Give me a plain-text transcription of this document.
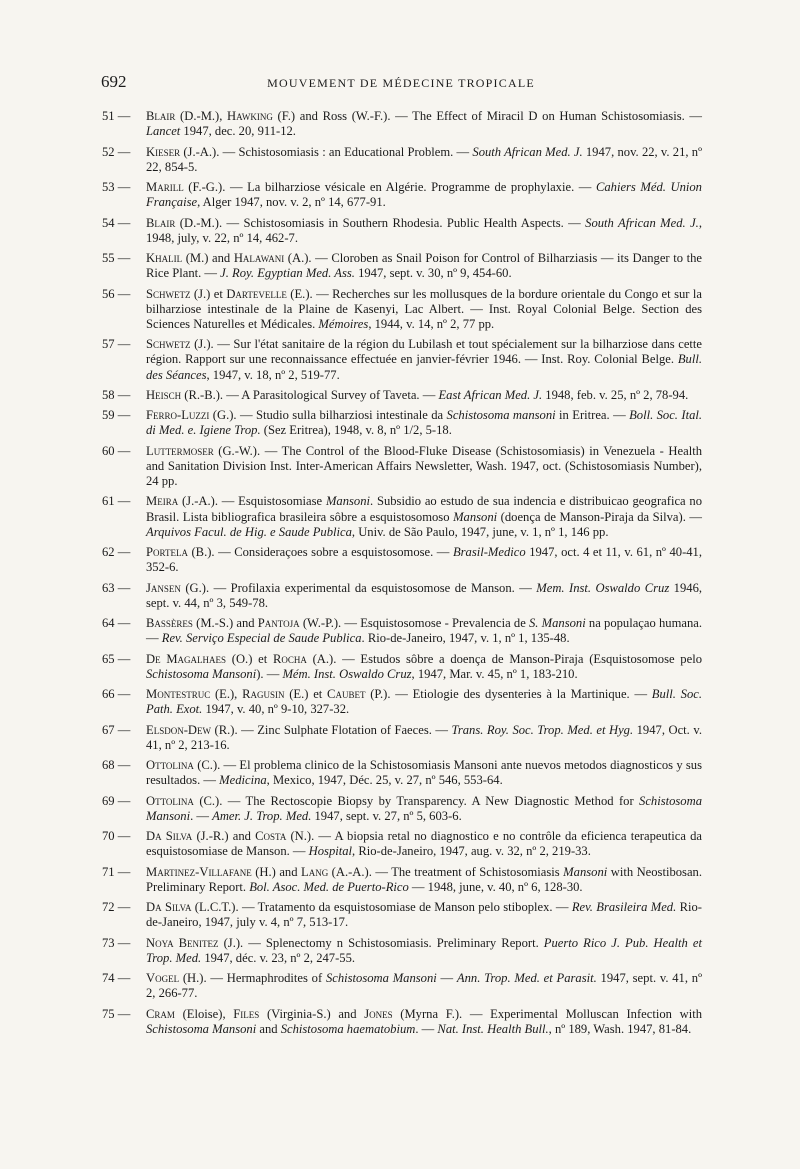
692	MOUVEMENT DE MÉDECINE TROPICALE
51 —	Blair (D.-M.), Hawking (F.) and Ross (W.-F.). — The Effect of Miracil D on Human Schistosomiasis. — Lancet 1947, dec. 20, 911-12.
52 —	Kieser (J.-A.). — Schistosomiasis : an Educational Problem. — South African Med. J. 1947, nov. 22, v. 21, nº 22, 854-5.
53 —	Marill (F.-G.). — La bilharziose vésicale en Algérie. Programme de prophylaxie. — Cahiers Méd. Union Française, Alger 1947, nov. v. 2, nº 14, 677-91.
54 —	Blair (D.-M.). — Schistosomiasis in Southern Rhodesia. Public Health Aspects. — South African Med. J., 1948, july, v. 22, nº 14, 462-7.
55 —	Khalil (M.) and Halawani (A.). — Cloroben as Snail Poison for Control of Bilharziasis — its Danger to the Rice Plant. — J. Roy. Egyptian Med. Ass. 1947, sept. v. 30, nº 9, 454-60.
56 —	Schwetz (J.) et Dartevelle (E.). — Recherches sur les mollusques de la bordure orientale du Congo et sur la bilharziose intestinale de la Plaine de Kasenyi, Lac Albert. — Inst. Royal Colonial Belge. Section des Sciences Naturelles et Médicales. Mémoires, 1944, v. 14, nº 2, 77 pp.
57 —	Schwetz (J.). — Sur l'état sanitaire de la région du Lubilash et tout spécialement sur la bilharziose dans cette région. Rapport sur une reconnaissance effectuée en janvier-février 1946. — Inst. Roy. Colonial Belge. Bull. des Séances, 1947, v. 18, nº 2, 519-77.
58 —	Heisch (R.-B.). — A Parasitological Survey of Taveta. — East African Med. J. 1948, feb. v. 25, nº 2, 78-94.
59 —	Ferro-Luzzi (G.). — Studio sulla bilharziosi intestinale da Schistosoma mansoni in Eritrea. — Boll. Soc. Ital. di Med. e. Igiene Trop. (Sez Eritrea), 1948, v. 8, nº 1/2, 5-18.
60 —	Luttermoser (G.-W.). — The Control of the Blood-Fluke Disease (Schistosomiasis) in Venezuela - Health and Sanitation Division Inst. Inter-American Affairs Newsletter, Wash. 1947, oct. (Schistosomiasis Number), 24 pp.
61 —	Meira (J.-A.). — Esquistosomiase Mansoni. Subsidio ao estudo de sua indencia e distribuicao geografica no Brasil. Lista bibliografica brasileira sôbre a esquistosomoso Mansoni (doença de Manson-Piraja da Silva). — Arquivos Facul. de Hig. e Saude Publica, Univ. de São Paulo, 1947, june, v. 1, nº 1, 146 pp.
62 —	Portela (B.). — Consideraçoes sobre a esquistosomose. — Brasil-Medico 1947, oct. 4 et 11, v. 61, nº 40-41, 352-6.
63 —	Jansen (G.). — Profilaxia experimental da esquistosomose de Manson. — Mem. Inst. Oswaldo Cruz 1946, sept. v. 44, nº 3, 549-78.
64 —	Bassères (M.-S.) and Pantoja (W.-P.). — Esquistosomose - Prevalencia de S. Mansoni na populaçao humana. — Rev. Serviço Especial de Saude Publica. Rio-de-Janeiro, 1947, v. 1, nº 1, 135-48.
65 —	De Magalhaes (O.) et Rocha (A.). — Estudos sôbre a doença de Manson-Piraja (Esquistosomose pelo Schistosoma Mansoni). — Mém. Inst. Oswaldo Cruz, 1947, Mar. v. 45, nº 1, 183-210.
66 —	Montestruc (E.), Ragusin (E.) et Caubet (P.). — Etiologie des dysenteries à la Martinique. — Bull. Soc. Path. Exot. 1947, v. 40, nº 9-10, 327-32.
67 —	Elsdon-Dew (R.). — Zinc Sulphate Flotation of Faeces. — Trans. Roy. Soc. Trop. Med. et Hyg. 1947, Oct. v. 41, nº 2, 213-16.
68 —	Ottolina (C.). — El problema clinico de la Schistosomiasis Mansoni ante nuevos metodos diagnosticos y sus resultados. — Medicina, Mexico, 1947, Déc. 25, v. 27, nº 546, 553-64.
69 —	Ottolina (C.). — The Rectoscopie Biopsy by Transparency. A New Diagnostic Method for Schistosoma Mansoni. — Amer. J. Trop. Med. 1947, sept. v. 27, nº 5, 603-6.
70 —	Da Silva (J.-R.) and Costa (N.). — A biopsia retal no diagnostico e no contrôle da eficienca terapeutica da esquistosomiase de Manson. — Hospital, Rio-de-Janeiro, 1947, aug. v. 32, nº 2, 219-33.
71 —	Martinez-Villafane (H.) and Lang (A.-A.). — The treatment of Schistosomiasis Mansoni with Neostibosan. Preliminary Report. Bol. Asoc. Med. de Puerto-Rico — 1948, june, v. 40, nº 6, 128-30.
72 —	Da Silva (L.C.T.). — Tratamento da esquistosomiase de Manson pelo stiboplex. — Rev. Brasileira Med. Rio-de-Janeiro, 1947, july v. 4, nº 7, 513-17.
73 —	Noya Benitez (J.). — Splenectomy n Schistosomiasis. Preliminary Report. Puerto Rico J. Pub. Health et Trop. Med. 1947, déc. v. 23, nº 2, 247-55.
74 —	Vogel (H.). — Hermaphrodites of Schistosoma Mansoni — Ann. Trop. Med. et Parasit. 1947, sept. v. 41, nº 2, 266-77.
75 —	Cram (Eloise), Files (Virginia-S.) and Jones (Myrna F.). — Experimental Molluscan Infection with Schistosoma Mansoni and Schistosoma haematobium. — Nat. Inst. Health Bull., nº 189, Wash. 1947, 81-84.
